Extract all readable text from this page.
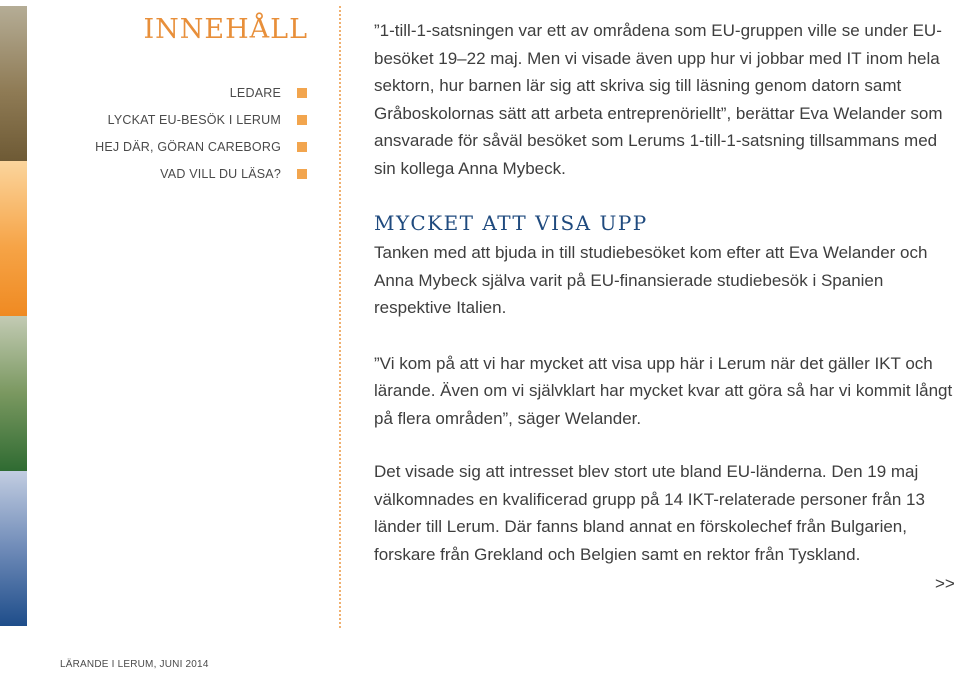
INNEHÅLL
LEDARE
LYCKAT EU-BESÖK I LERUM
HEJ DÄR, GÖRAN CAREBORG
VAD VILL DU LÄSA?

”1-till-1-satsningen var ett av områdena som EU-gruppen ville se under EU-besöket 19–22 maj. Men vi visade även upp hur vi jobbar med IT inom hela sektorn, hur barnen lär sig att skriva sig till läsning genom datorn samt Gråboskolornas sätt att arbeta entreprenöriellt”, berättar Eva Welander som ansvarade för såväl besöket som Lerums 1-till-1-satsning tillsammans med sin kollega Anna Mybeck.

MYCKET ATT VISA UPP

Tanken med att bjuda in till studiebesöket kom efter att Eva Welander och Anna Mybeck själva varit på EU-finansierade studiebesök i Spanien respektive Italien.

”Vi kom på att vi har mycket att visa upp här i Lerum när det gäller IKT och lärande. Även om vi självklart har mycket kvar att göra så har vi kommit långt på flera områden”, säger Welander.

Det visade sig att intresset blev stort ute bland EU-länderna. Den 19 maj välkomnades en kvalificerad grupp på 14 IKT-relaterade personer från 13 länder till Lerum. Där fanns bland annat en förskolechef från Bulgarien, forskare från Grekland och Belgien samt en rektor från Tyskland.

>>
LÄRANDE I LERUM, JUNI 2014
